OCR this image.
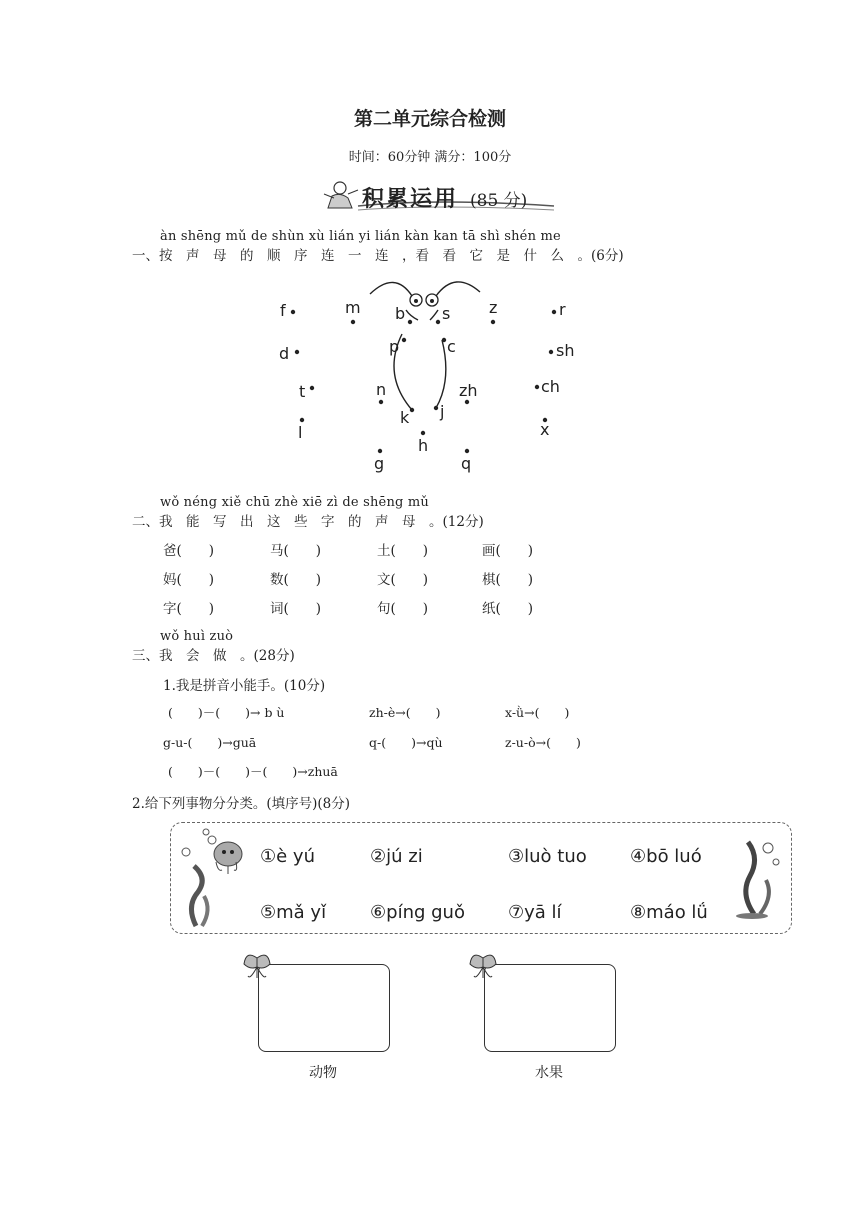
第二单元综合检测
时间：60分钟 满分：100分
积累运用 (85 分)
àn shēng mǔ de shùn xù lián yi lián kàn kan tā shì shén me
一、按　声　母　的　顺　序　连　一　连　，看　看　它　是　什　么　。(6分)
f	m b s z	r
d	p	c	sh
t	n	zh	ch
k j
l
h
x
g	q
wǒ néng xiě chū zhè xiē zì de shēng mǔ
二、我　能　写　出　这　些　字　的　声　母　。(12分)
爸(　　)	马(　　)	土(　　)	画(　　)
妈(　　)	数(　　)	文(　　)	棋(　　)
字(　　)	词(　　)	句(　　)	纸(　　)
wǒ huì zuò
三、我　会　做　。(28分)
1.我是拼音小能手。(10分)
(　　)－(　　)→ b ù	zh-è→(　　)	x-ǜ→(　　)
g-u-(　　)→guā	q-(　　)→qù	z-u-ò→(　　)
(　　)－(　　)－(　　)→zhuā
2.给下列事物分分类。(填序号)(8分)
①è yú	②jú zi	③luò tuo ④bō luó
⑤mǎ yǐ ⑥píng guǒ ⑦yā lí	⑧máo lǘ
动物	水果
